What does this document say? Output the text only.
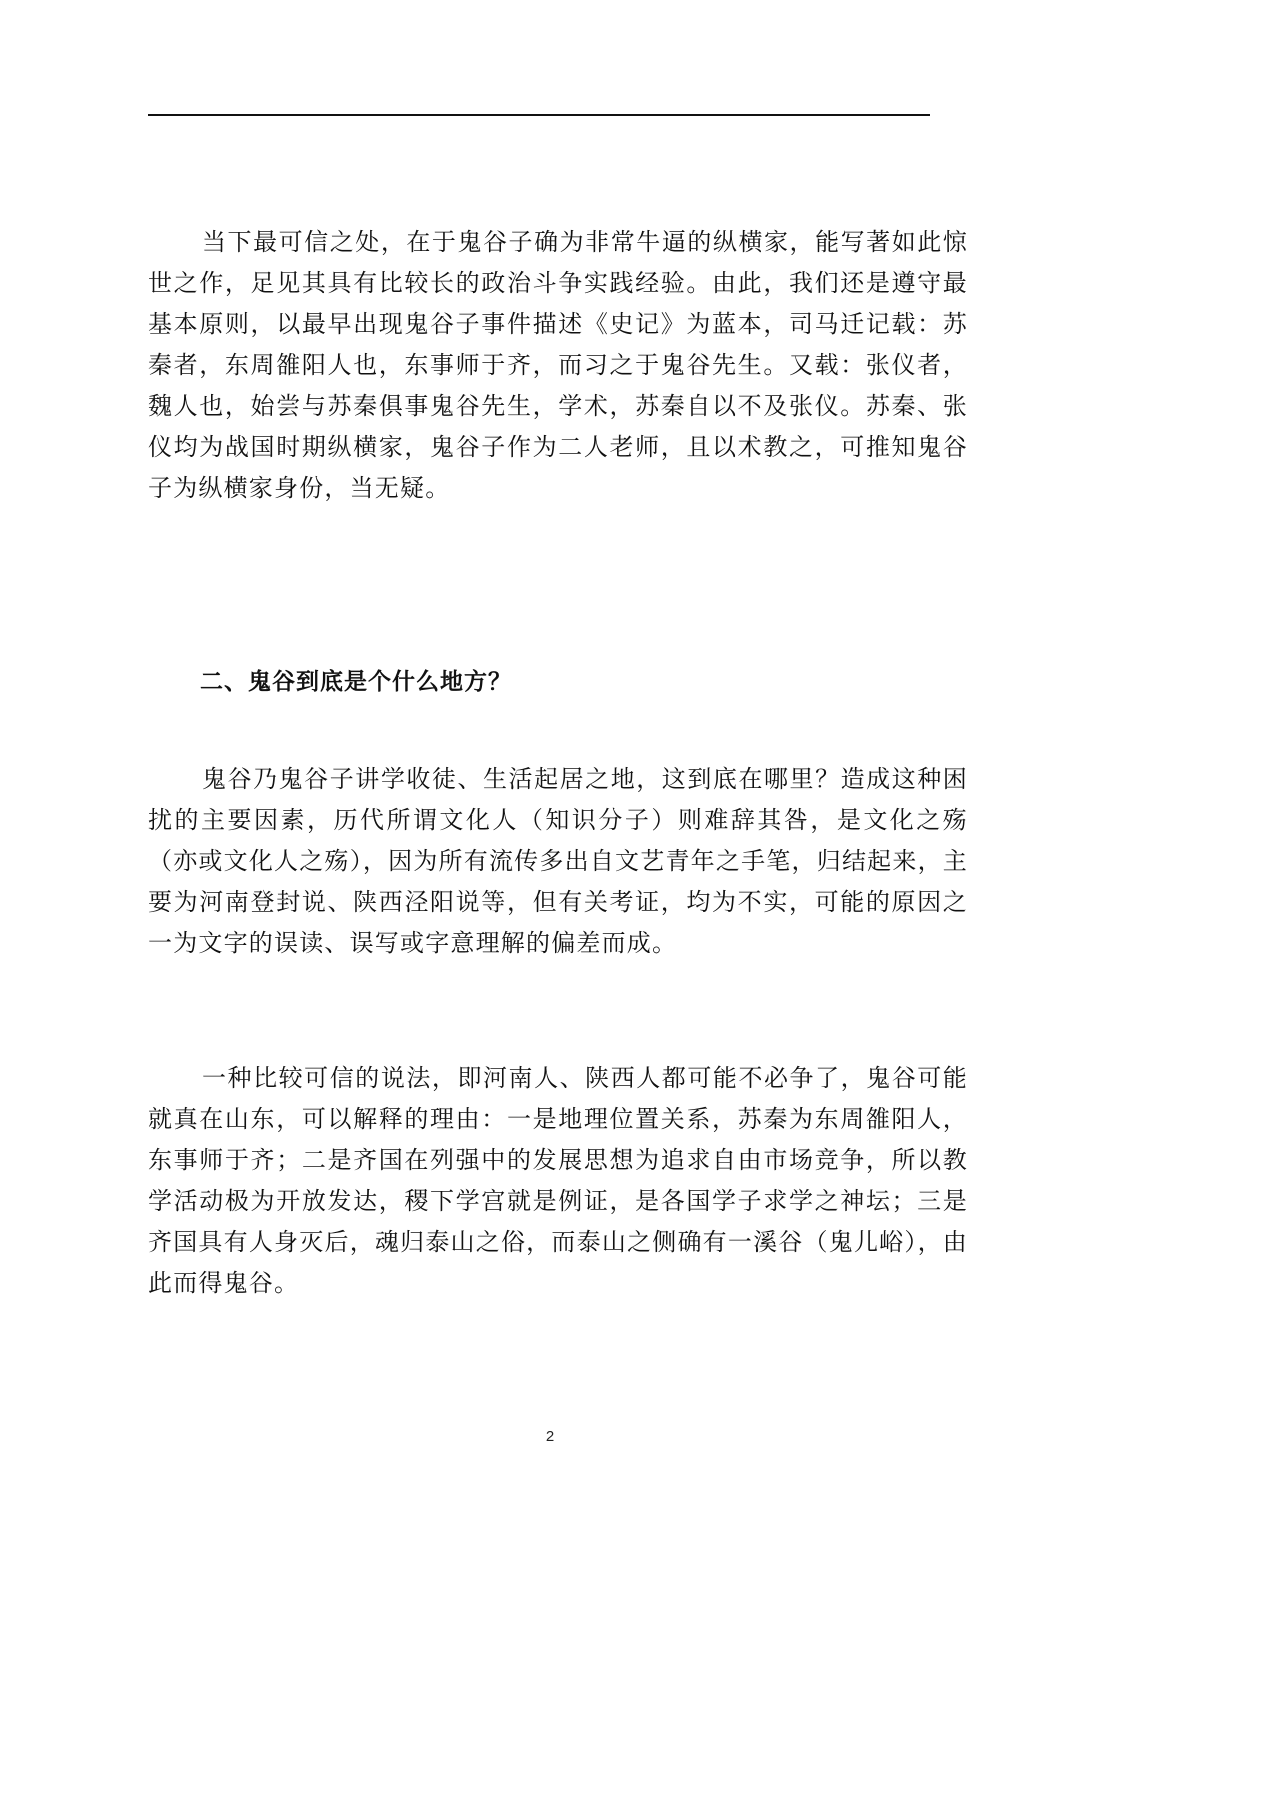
当下最可信之处，在于鬼谷子确为非常牛逼的纵横家，能写著如此惊世之作，足见其具有比较长的政治斗争实践经验。由此，我们还是遵守最基本原则，以最早出现鬼谷子事件描述《史记》为蓝本，司马迁记载：苏秦者，东周雒阳人也，东事师于齐，而习之于鬼谷先生。又载：张仪者，魏人也，始尝与苏秦俱事鬼谷先生，学术，苏秦自以不及张仪。苏秦、张仪均为战国时期纵横家，鬼谷子作为二人老师，且以术教之，可推知鬼谷子为纵横家身份，当无疑。

二、鬼谷到底是个什么地方？

鬼谷乃鬼谷子讲学收徒、生活起居之地，这到底在哪里？造成这种困扰的主要因素，历代所谓文化人（知识分子）则难辞其咎，是文化之殇（亦或文化人之殇），因为所有流传多出自文艺青年之手笔，归结起来，主要为河南登封说、陕西泾阳说等，但有关考证，均为不实，可能的原因之一为文字的误读、误写或字意理解的偏差而成。

一种比较可信的说法，即河南人、陕西人都可能不必争了，鬼谷可能就真在山东，可以解释的理由：一是地理位置关系，苏秦为东周雒阳人，东事师于齐；二是齐国在列强中的发展思想为追求自由市场竞争，所以教学活动极为开放发达，稷下学宫就是例证，是各国学子求学之神坛；三是齐国具有人身灭后，魂归泰山之俗，而泰山之侧确有一溪谷（鬼儿峪），由此而得鬼谷。

2
